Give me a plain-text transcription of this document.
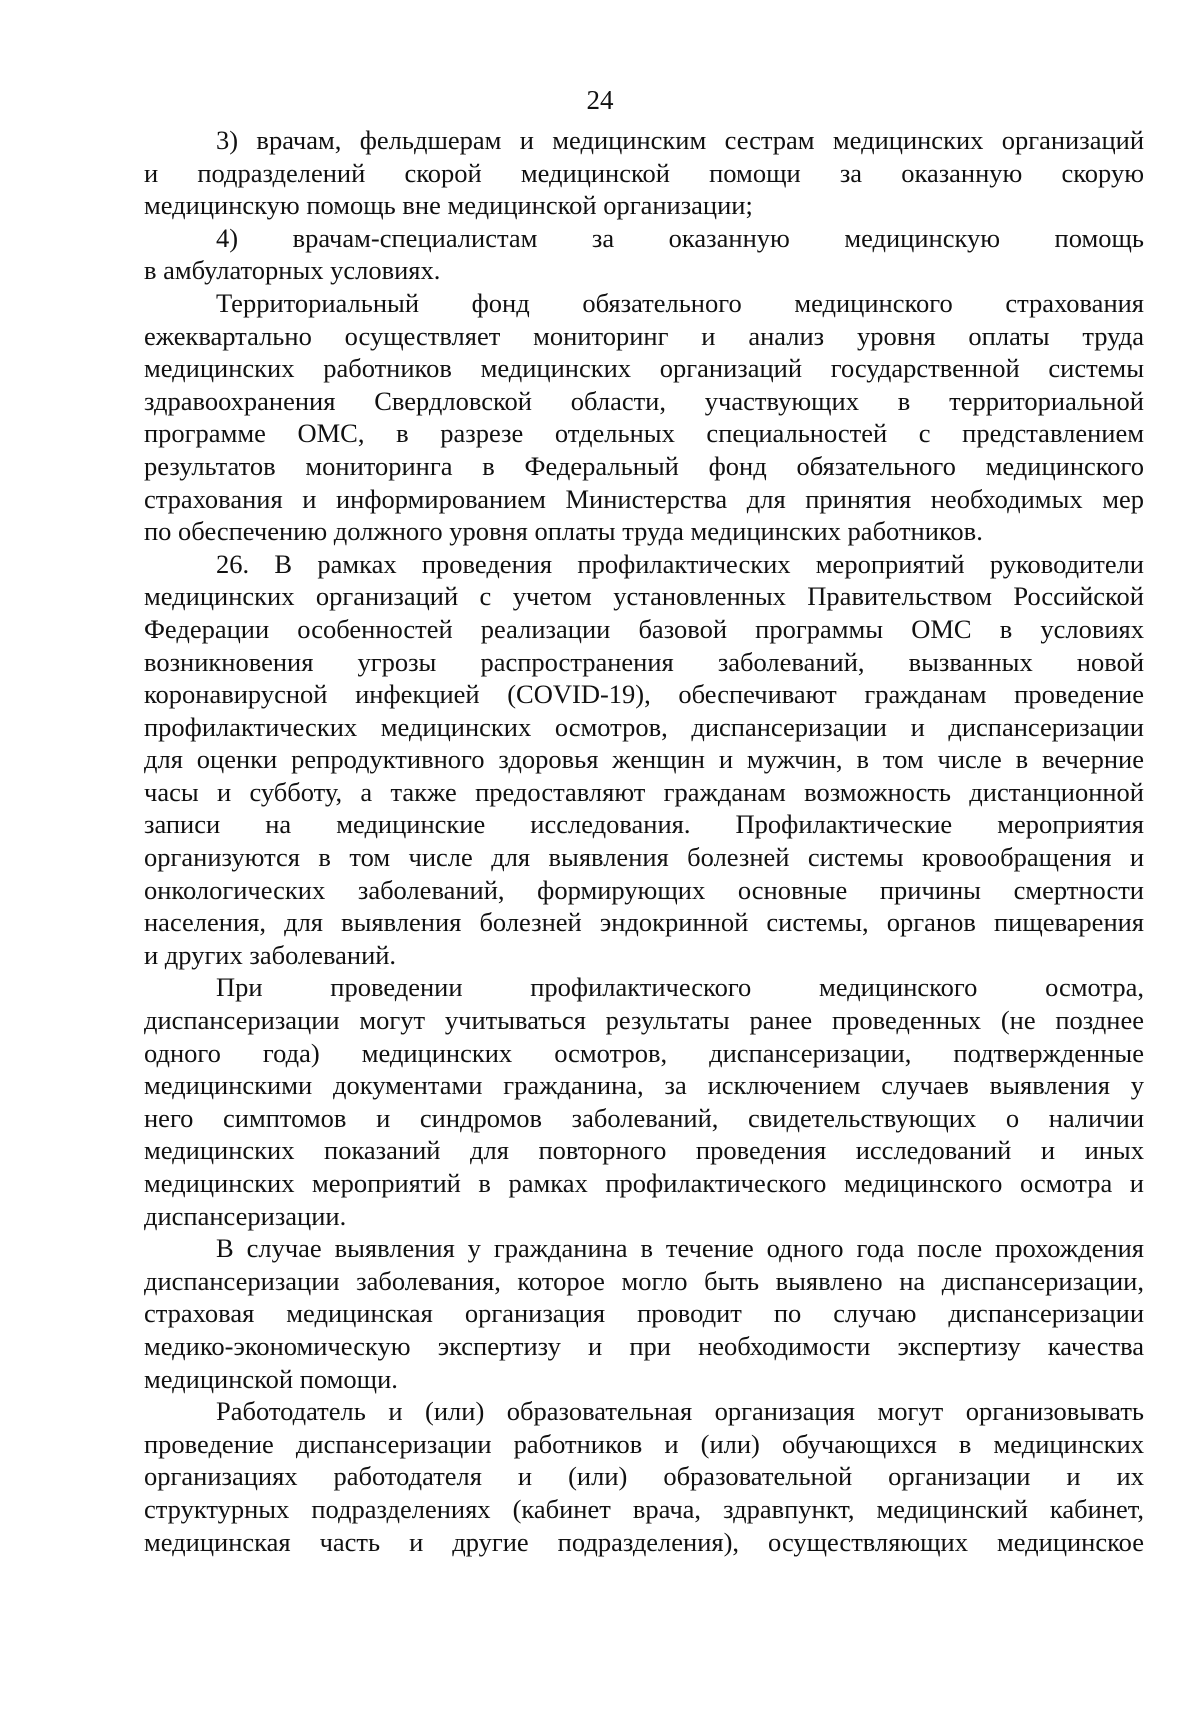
24
3) врачам, фельдшерам и медицинским сестрам медицинских организаций
и подразделений скорой медицинской помощи за оказанную скорую
медицинскую помощь вне медицинской организации;
4) врачам-специалистам за оказанную медицинскую помощь
в амбулаторных условиях.
Территориальный фонд обязательного медицинского страхования
ежеквартально осуществляет мониторинг и анализ уровня оплаты труда
медицинских работников медицинских организаций государственной системы
здравоохранения Свердловской области, участвующих в территориальной
программе ОМС, в разрезе отдельных специальностей с представлением
результатов мониторинга в Федеральный фонд обязательного медицинского
страхования и информированием Министерства для принятия необходимых мер
по обеспечению должного уровня оплаты труда медицинских работников.
26. В рамках проведения профилактических мероприятий руководители
медицинских организаций с учетом установленных Правительством Российской
Федерации особенностей реализации базовой программы ОМС в условиях
возникновения угрозы распространения заболеваний, вызванных новой
коронавирусной инфекцией (COVID-19), обеспечивают гражданам проведение
профилактических медицинских осмотров, диспансеризации и диспансеризации
для оценки репродуктивного здоровья женщин и мужчин, в том числе в вечерние
часы и субботу, а также предоставляют гражданам возможность дистанционной
записи на медицинские исследования. Профилактические мероприятия
организуются в том числе для выявления болезней системы кровообращения и
онкологических заболеваний, формирующих основные причины смертности
населения, для выявления болезней эндокринной системы, органов пищеварения
и других заболеваний.
При проведении профилактического медицинского осмотра,
диспансеризации могут учитываться результаты ранее проведенных (не позднее
одного года) медицинских осмотров, диспансеризации, подтвержденные
медицинскими документами гражданина, за исключением случаев выявления у
него симптомов и синдромов заболеваний, свидетельствующих о наличии
медицинских показаний для повторного проведения исследований и иных
медицинских мероприятий в рамках профилактического медицинского осмотра и
диспансеризации.
В случае выявления у гражданина в течение одного года после прохождения
диспансеризации заболевания, которое могло быть выявлено на диспансеризации,
страховая медицинская организация проводит по случаю диспансеризации
медико-экономическую экспертизу и при необходимости экспертизу качества
медицинской помощи.
Работодатель и (или) образовательная организация могут организовывать
проведение диспансеризации работников и (или) обучающихся в медицинских
организациях работодателя и (или) образовательной организации и их
структурных подразделениях (кабинет врача, здравпункт, медицинский кабинет,
медицинская часть и другие подразделения), осуществляющих медицинское
